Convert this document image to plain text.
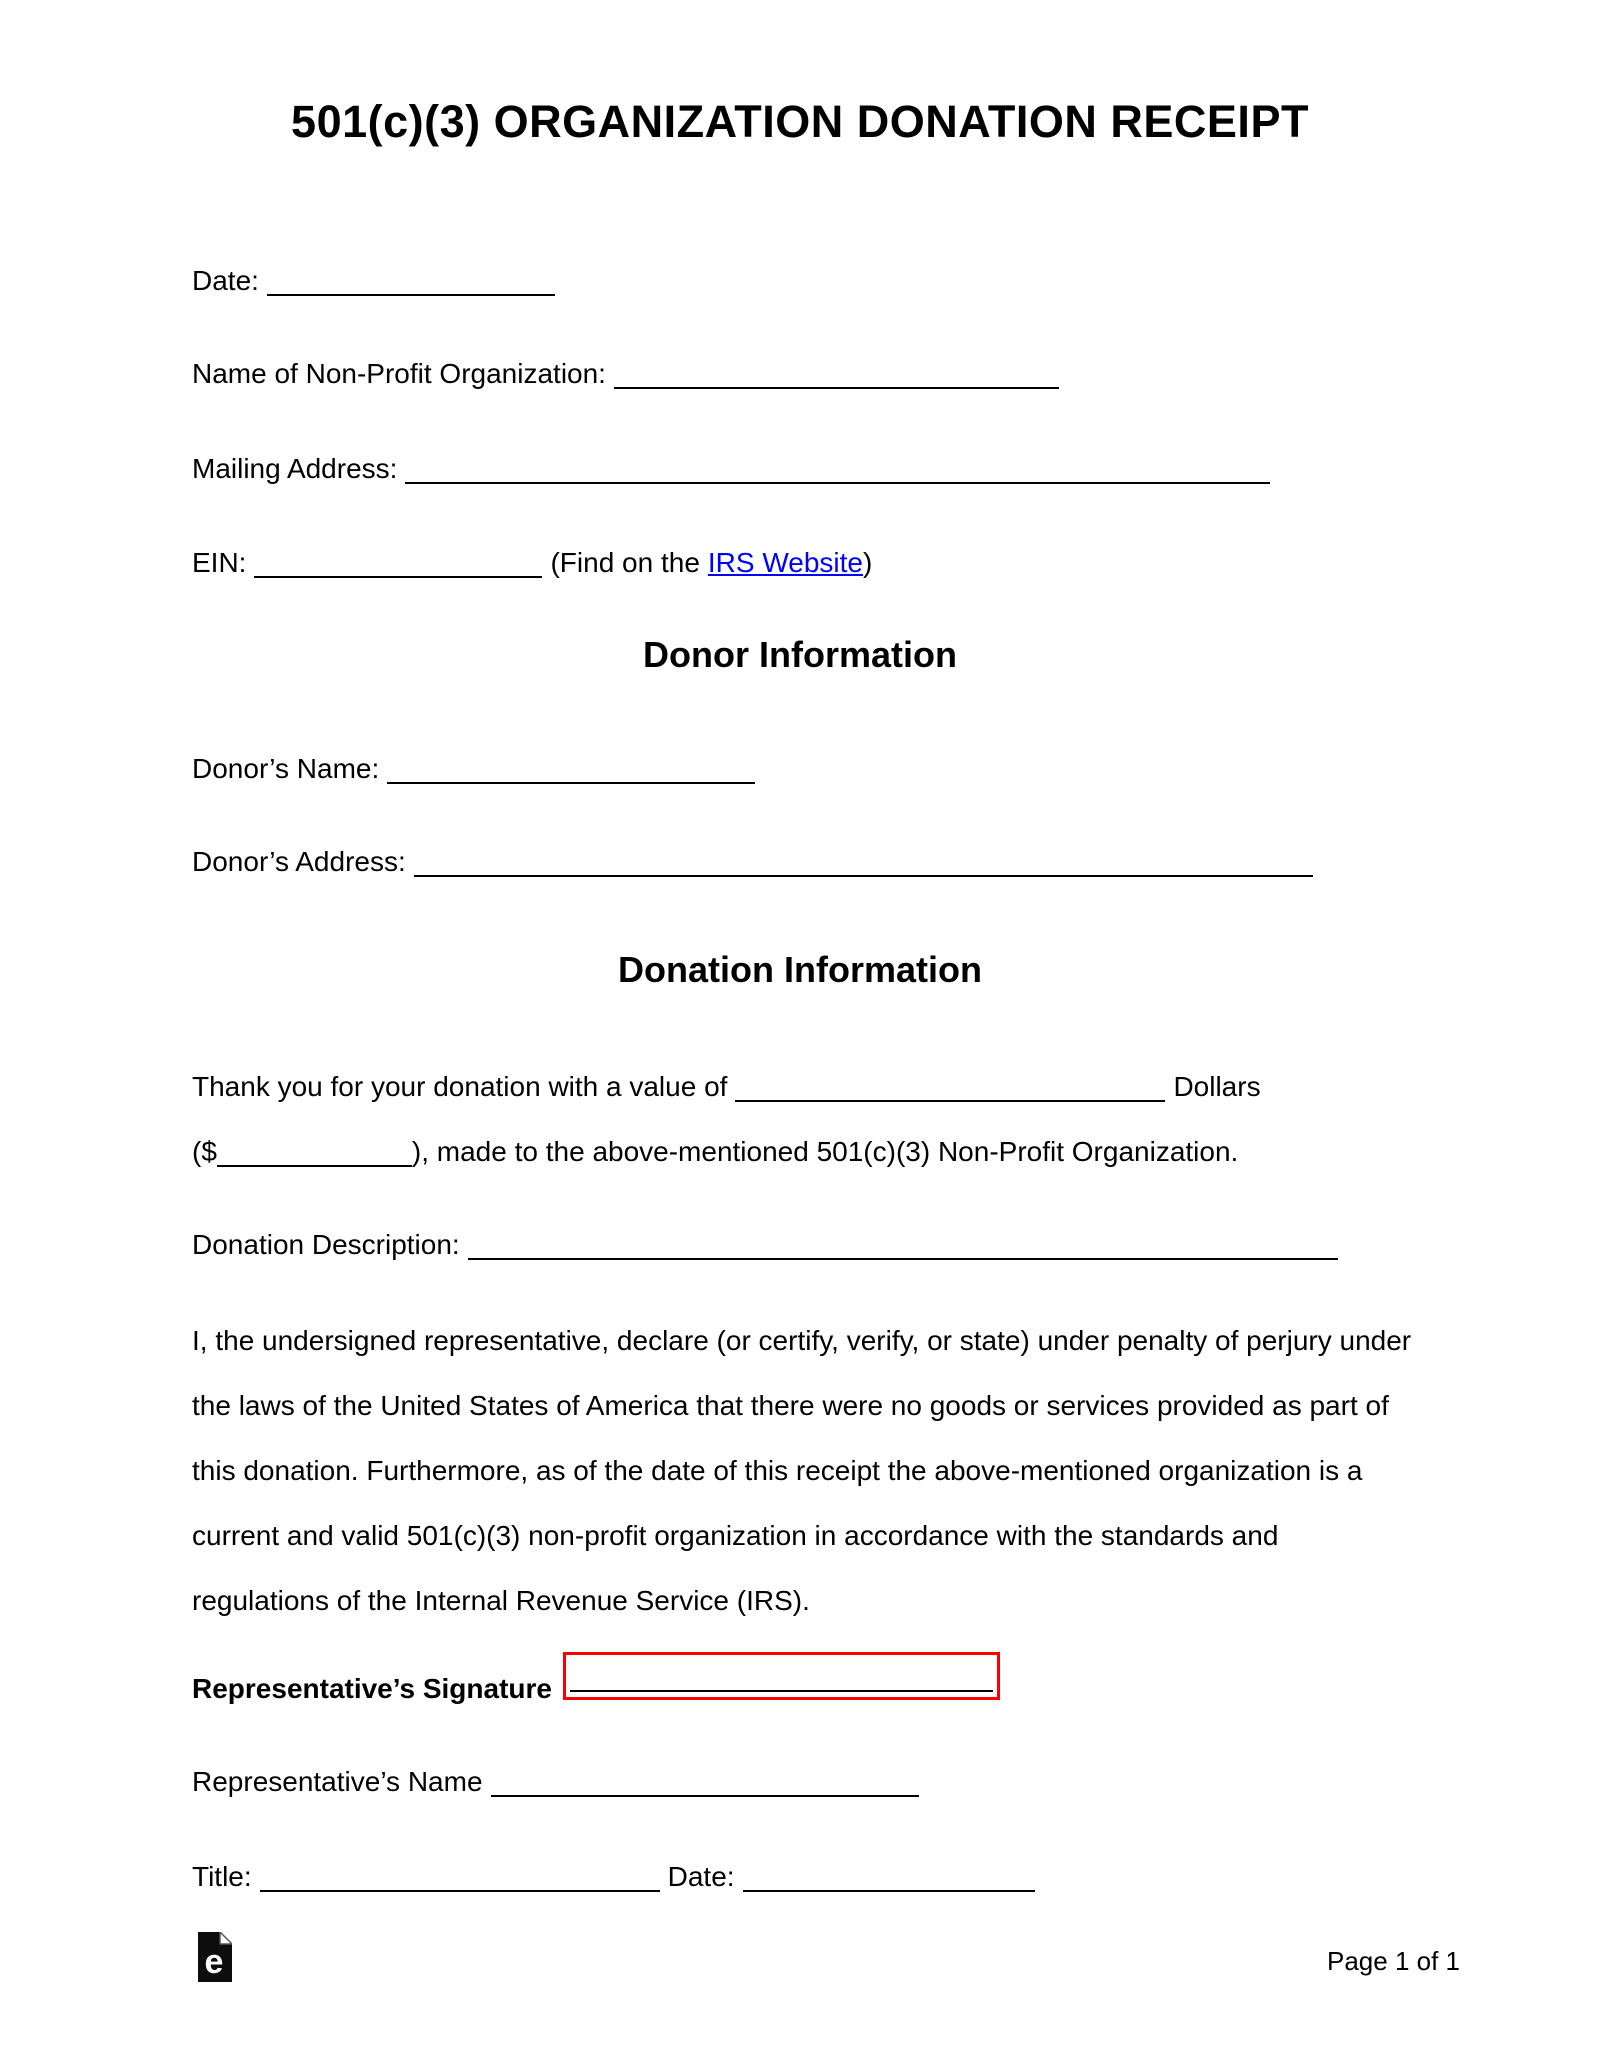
501(c)(3) ORGANIZATION DONATION RECEIPT
Date:
Name of Non-Profit Organization:
Mailing Address:
EIN:	(Find on the IRS Website)
Donor Information
Donor’s Name:
Donor’s Address:
Donation Information
Thank you for your donation with a value of	Dollars
($	), made to the above-mentioned 501(c)(3) Non-Profit Organization.
Donation Description:
I, the undersigned representative, declare (or certify, verify, or state) under penalty of perjury under the laws of the United States of America that there were no goods or services provided as part of this donation. Furthermore, as of the date of this receipt the above-mentioned organization is a current and valid 501(c)(3) non-profit organization in accordance with the standards and regulations of the Internal Revenue Service (IRS).
Representative’s Signature
Representative’s Name
Title:	Date:
e	Page 1 of 1
